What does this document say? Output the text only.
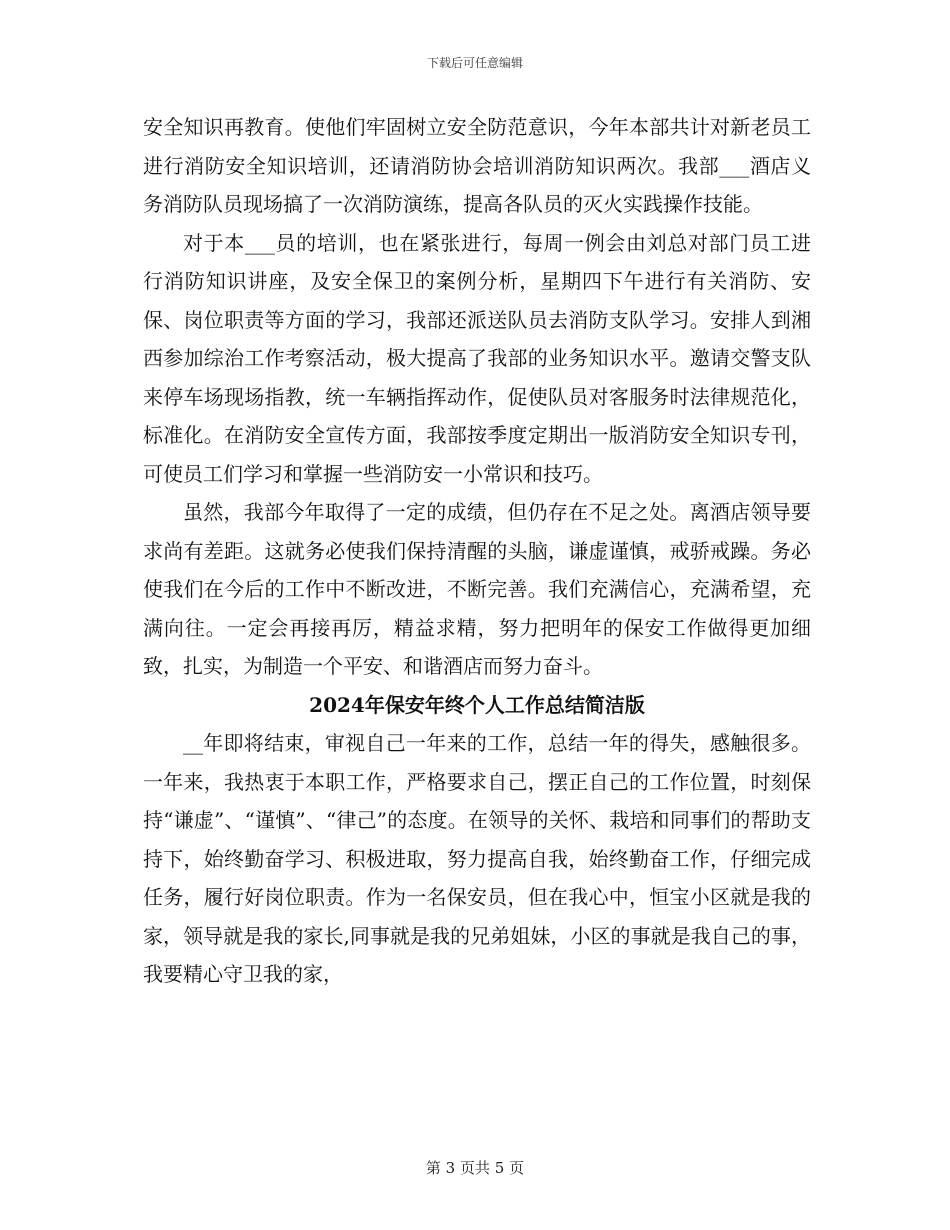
下载后可任意编辑

安全知识再教育。使他们牢固树立安全防范意识，今年本部共计对新老员工进行消防安全知识培训，还请消防协会培训消防知识两次。我部___酒店义务消防队员现场搞了一次消防演练，提高各队员的灭火实践操作技能。

对于本___员的培训，也在紧张进行，每周一例会由刘总对部门员工进行消防知识讲座，及安全保卫的案例分析，星期四下午进行有关消防、安保、岗位职责等方面的学习，我部还派送队员去消防支队学习。安排人到湘西参加综治工作考察活动，极大提高了我部的业务知识水平。邀请交警支队来停车场现场指教，统一车辆指挥动作，促使队员对客服务时法律规范化，标准化。在消防安全宣传方面，我部按季度定期出一版消防安全知识专刊，可使员工们学习和掌握一些消防安一小常识和技巧。

虽然，我部今年取得了一定的成绩，但仍存在不足之处。离酒店领导要求尚有差距。这就务必使我们保持清醒的头脑，谦虚谨慎，戒骄戒躁。务必使我们在今后的工作中不断改进，不断完善。我们充满信心，充满希望，充满向往。一定会再接再厉，精益求精，努力把明年的保安工作做得更加细致，扎实，为制造一个平安、和谐酒店而努力奋斗。

2024年保安年终个人工作总结简洁版

__年即将结束，审视自己一年来的工作，总结一年的得失，感触很多。一年来，我热衷于本职工作，严格要求自己，摆正自己的工作位置，时刻保持“谦虚”、“谨慎”、“律己”的态度。在领导的关怀、栽培和同事们的帮助支持下，始终勤奋学习、积极进取，努力提高自我，始终勤奋工作，仔细完成任务，履行好岗位职责。作为一名保安员，但在我心中，恒宝小区就是我的家，领导就是我的家长,同事就是我的兄弟姐妹，小区的事就是我自己的事，我要精心守卫我的家，

第 3 页共 5 页
